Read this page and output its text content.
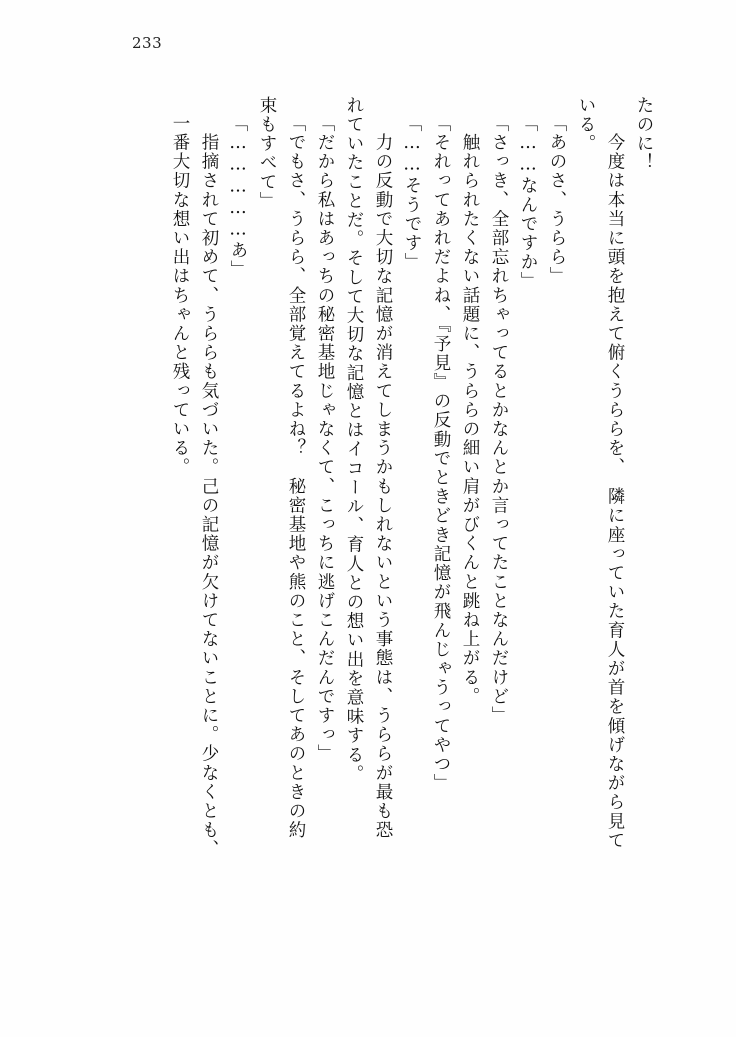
233
たのに！
　今度は本当に頭を抱えて俯くうららを、　隣に座っていた育人が首を傾げながら見て
いる。
「あのさ、うらら」
「……なんですか」
「さっき、全部忘れちゃってるとかなんとか言ってたことなんだけど」
　触れられたくない話題に、うららの細い肩がびくんと跳ね上がる。
「それってあれだよね、『予見』の反動でときどき記憶が飛んじゃうってやつ」
「……そうです」
　力の反動で大切な記憶が消えてしまうかもしれないという事態は、うららが最も恐
れていたことだ。そして大切な記憶とはイコール、育人との想い出を意味する。
「だから私はあっちの秘密基地じゃなくて、こっちに逃げこんだんですっ」
「でもさ、うらら、全部覚えてるよね？　秘密基地や熊のこと、そしてあのときの約
束もすべて」
「……………あ」
　指摘されて初めて、うららも気づいた。己の記憶が欠けてないことに。少なくとも、
一番大切な想い出はちゃんと残っている。
